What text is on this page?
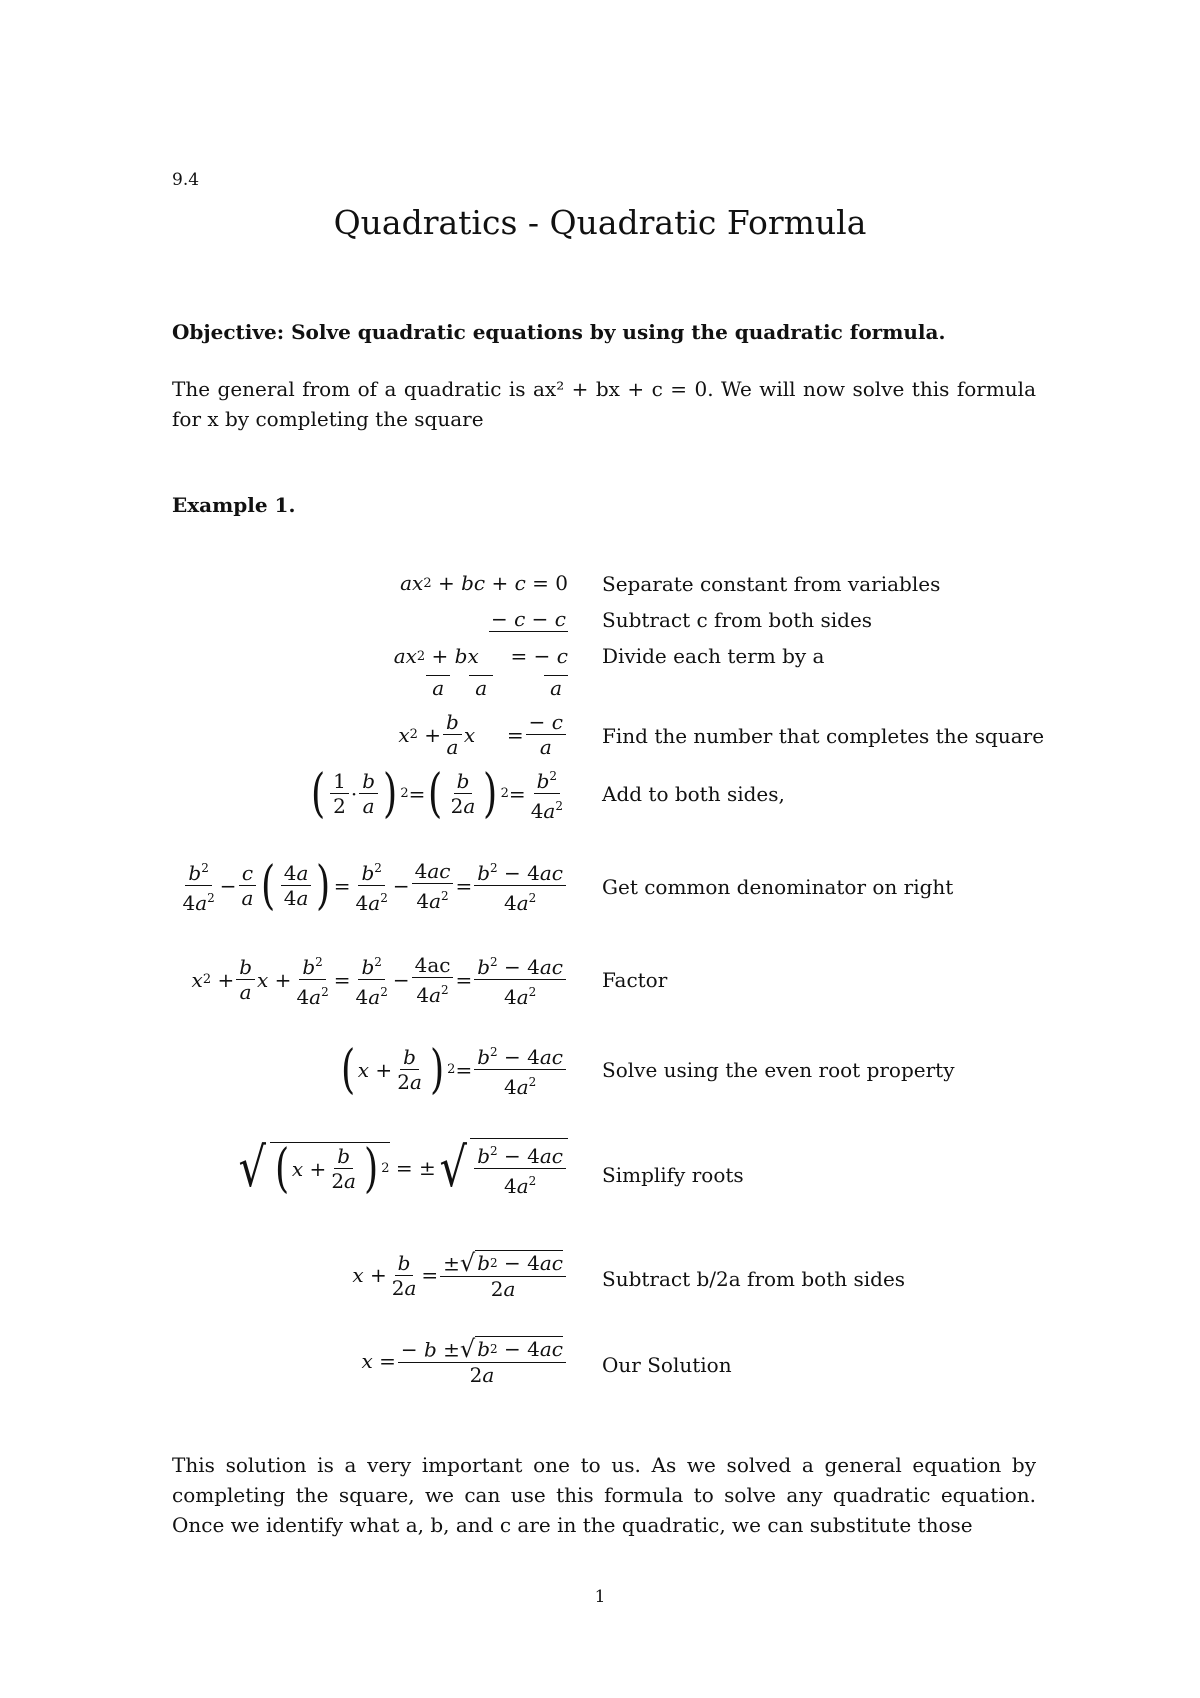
9.4
Quadratics - Quadratic Formula
Objective: Solve quadratic equations by using the quadratic formula.
The general from of a quadratic is ax² + bx + c = 0. We will now solve this formula for x by completing the square
Example 1.
ax 2 + bc + c = 0
− c − c
ax 2 + bx = − c
a
	a
	a
x $2 + \frac{b}{a}$ $x = \frac{- c}{a}$
( $\frac{1}{2} \cdot \frac{b}{a}$ ) 2 = ( $\frac{b}{2a}$ ) $2 = \frac{b^2}{4a^2}$
$\frac{b^2}{4a^2} - \frac{c}{a}$ ( $\frac{4a}{4a}$ ) = $\frac{b^2}{4a^2} - \frac{4ac}{4a^2} = \frac{b^2 - 4ac}{4a^2}$
x $2 + \frac{b}{a}$ $x + \frac{b^2}{4a^2} = \frac{b^2}{4a^2} - \frac{4ac}{4a^2} = \frac{b^2 - 4ac}{4a^2}$
( $x + \frac{b}{2a}$ ) $2 = \frac{b^2 - 4ac}{4a^2}$
√ ( $x + \frac{b}{2a}$ ) 2 = ± √ $\frac{b^2 - 4ac}{4a^2}$
$x + \frac{b}{2a} = \frac{\pm √ b 2 - 4 ac}{2a}$
$x = \frac{- b \pm √ b 2 - 4 ac}{2a}$
Separate constant from variables
Subtract c from both sides
Divide each term by a
Find the number that completes the square
Add to both sides,
Get common denominator on right
Factor
Solve using the even root property
Simplify roots
Subtract b/2a from both sides
Our Solution
This solution is a very important one to us. As we solved a general equation by completing the square, we can use this formula to solve any quadratic equation. Once we identify what a, b, and c are in the quadratic, we can substitute those
1
